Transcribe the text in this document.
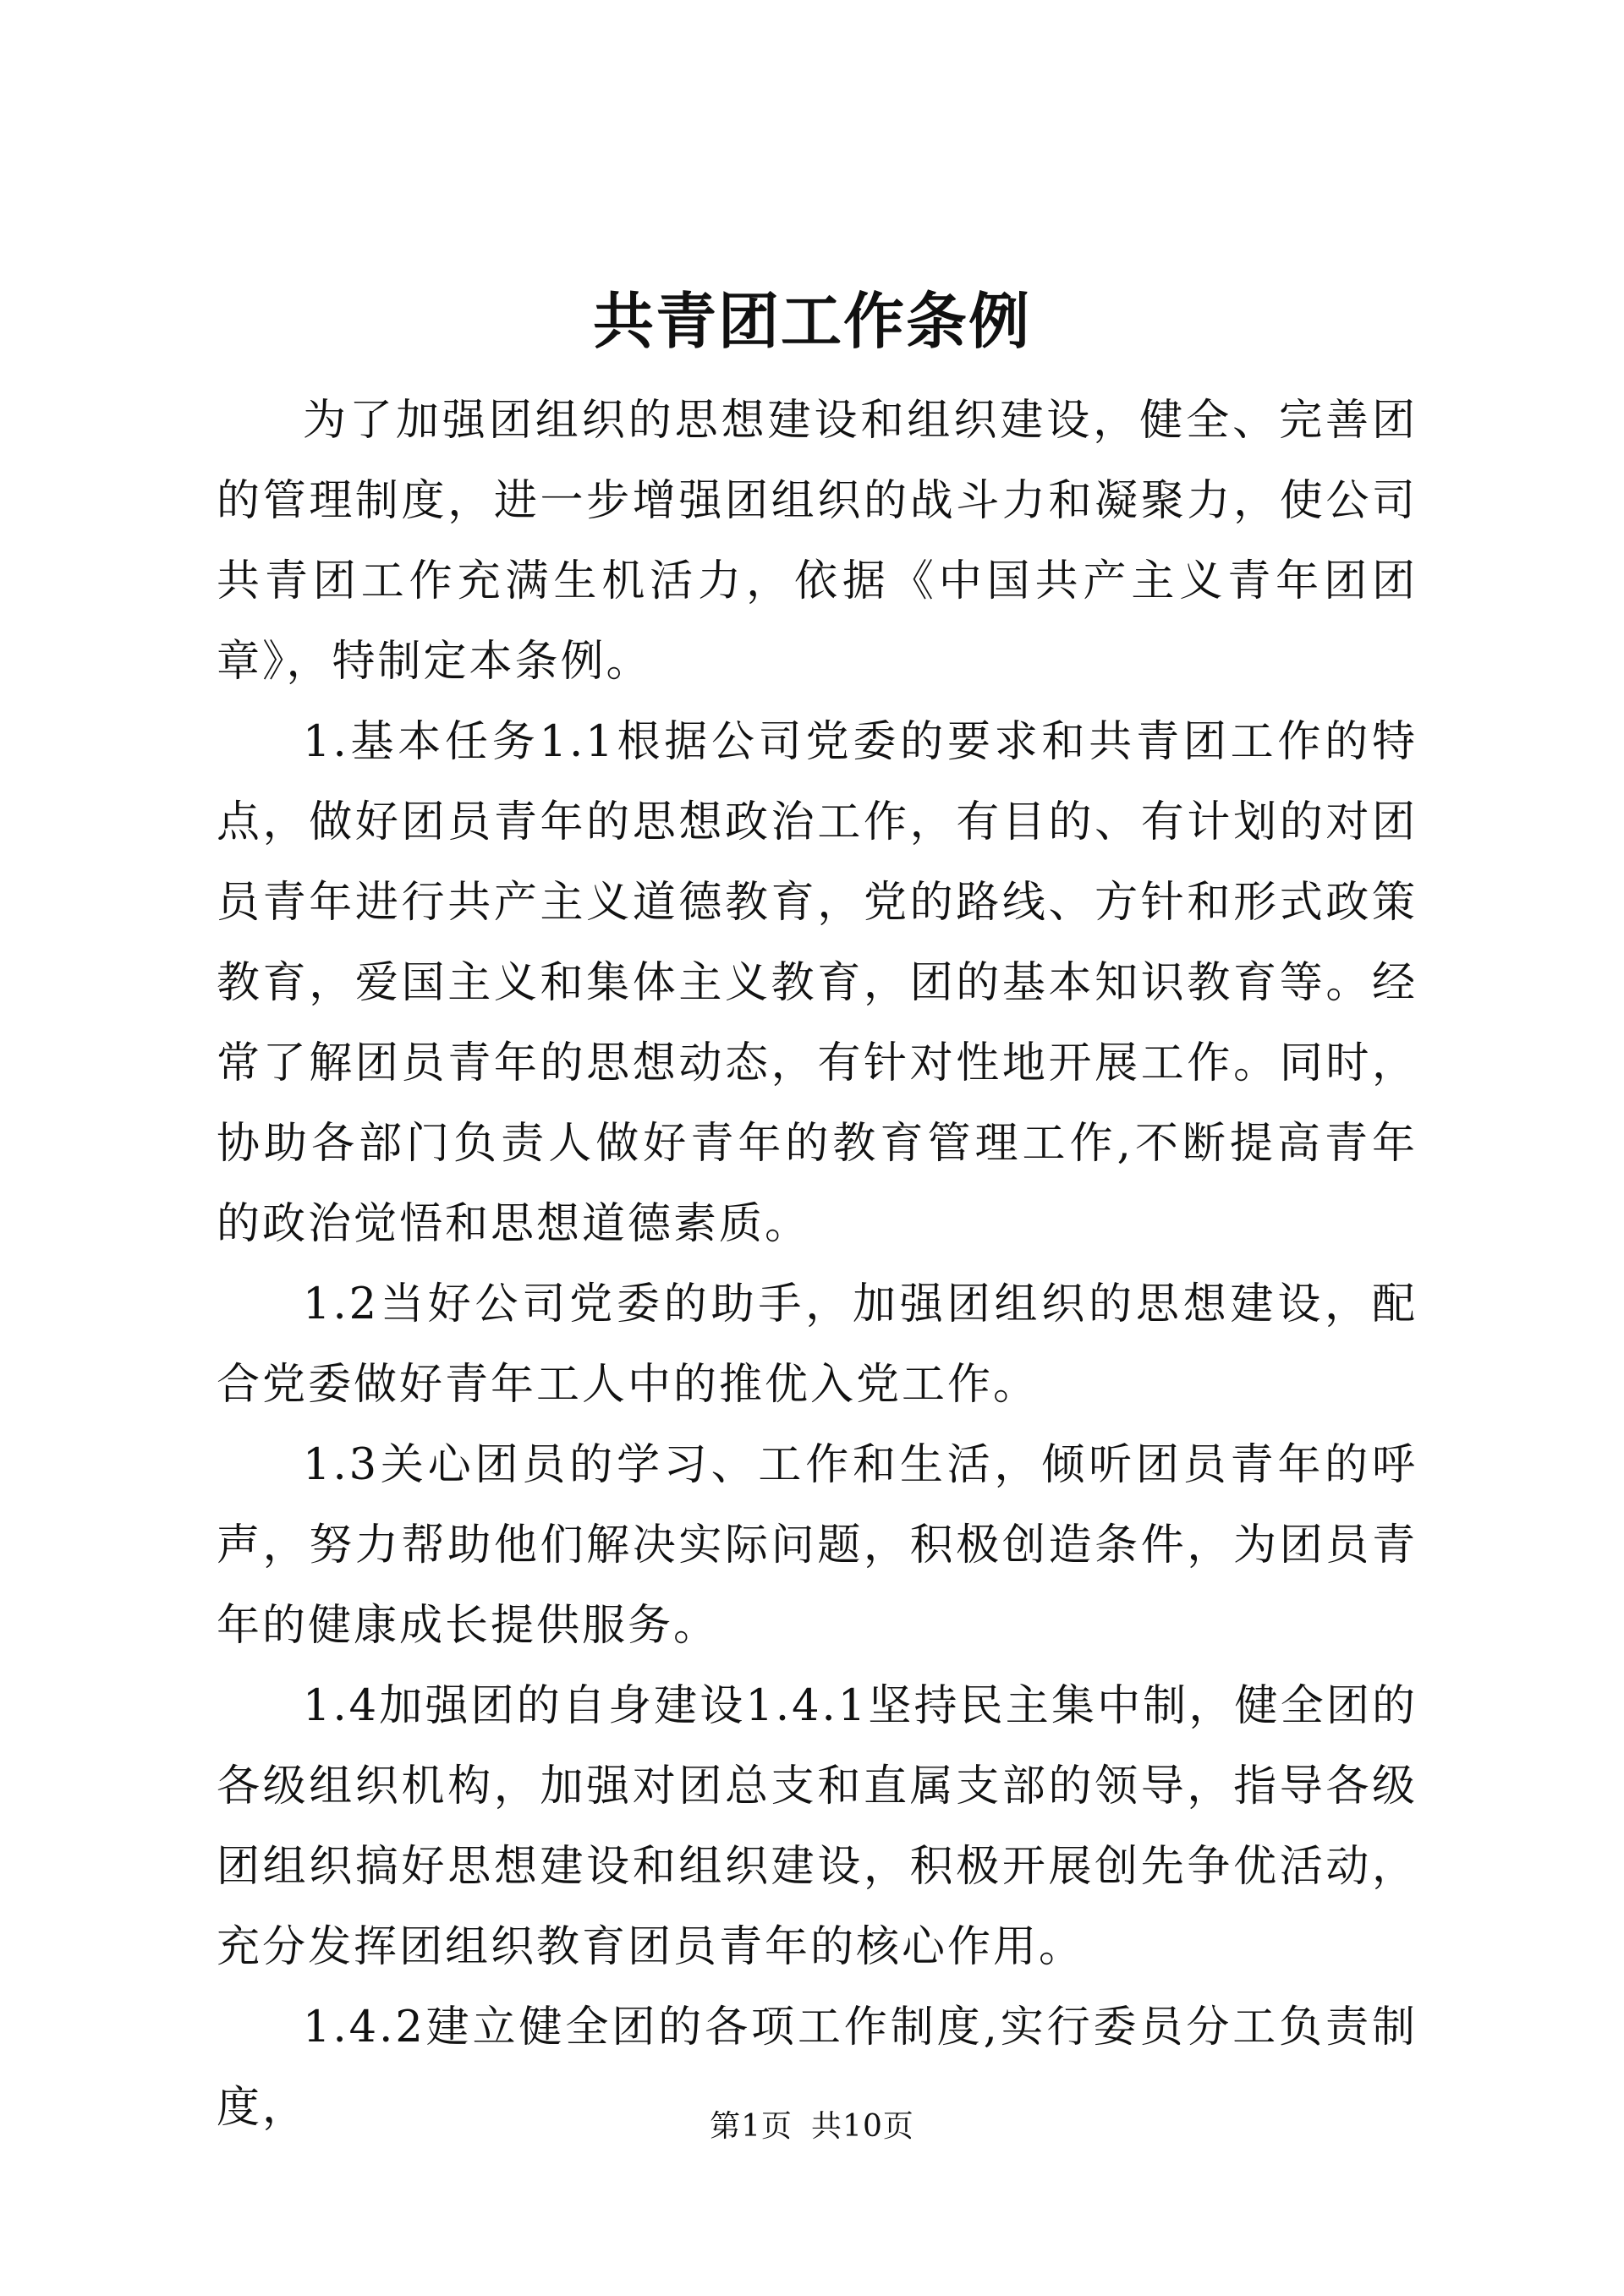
共青团工作条例

为了加强团组织的思想建设和组织建设，健全、完善团的管理制度，进一步增强团组织的战斗力和凝聚力，使公司共青团工作充满生机活力，依据《中国共产主义青年团团章》，特制定本条例。

1.基本任务1.1根据公司党委的要求和共青团工作的特点，做好团员青年的思想政治工作，有目的、有计划的对团员青年进行共产主义道德教育，党的路线、方针和形式政策教育，爱国主义和集体主义教育，团的基本知识教育等。经常了解团员青年的思想动态，有针对性地开展工作。同时，协助各部门负责人做好青年的教育管理工作,不断提高青年的政治觉悟和思想道德素质。

1.2当好公司党委的助手，加强团组织的思想建设，配合党委做好青年工人中的推优入党工作。

1.3关心团员的学习、工作和生活，倾听团员青年的呼声，努力帮助他们解决实际问题，积极创造条件，为团员青年的健康成长提供服务。

1.4加强团的自身建设1.4.1坚持民主集中制，健全团的各级组织机构，加强对团总支和直属支部的领导，指导各级团组织搞好思想建设和组织建设，积极开展创先争优活动，充分发挥团组织教育团员青年的核心作用。

1.4.2建立健全团的各项工作制度,实行委员分工负责制度，	第1页 共10页
